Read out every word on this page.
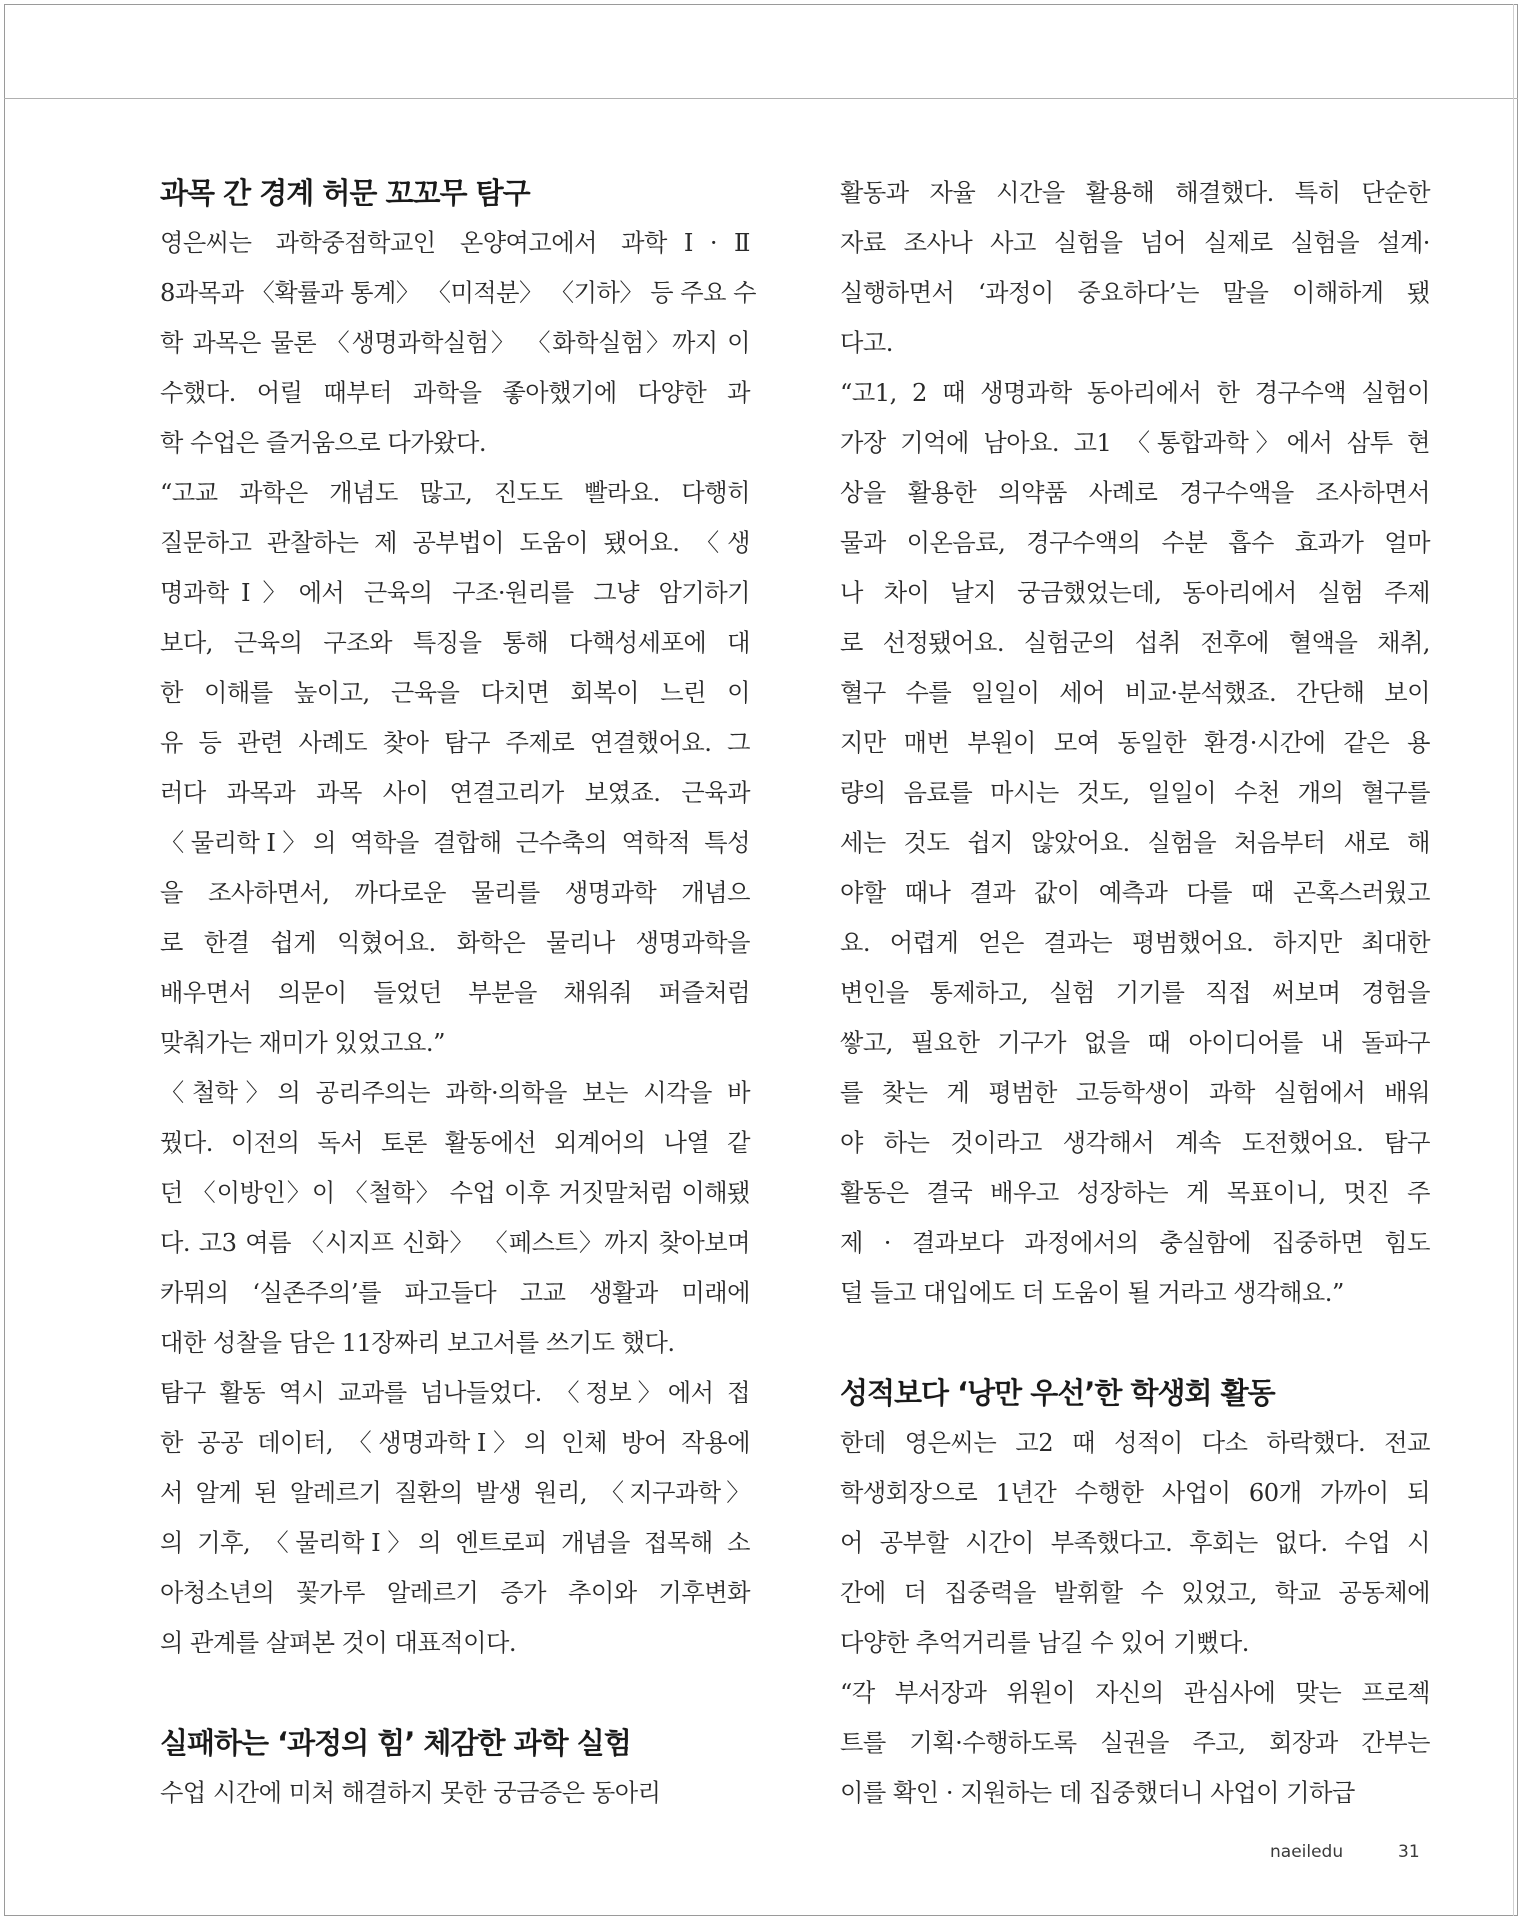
과목 간 경계 허문 꼬꼬무 탐구

영은씨는 과학중점학교인 온양여고에서 과학Ⅰ·Ⅱ

8과목과 〈확률과 통계〉 〈미적분〉 〈기하〉 등 주요 수

학 과목은 물론 〈생명과학실험〉 〈화학실험〉까지 이

수했다. 어릴 때부터 과학을 좋아했기에 다양한 과

학 수업은 즐거움으로 다가왔다.

“고교 과학은 개념도 많고, 진도도 빨라요. 다행히

질문하고 관찰하는 제 공부법이 도움이 됐어요. 〈생

명과학Ⅰ〉에서 근육의 구조·원리를 그냥 암기하기

보다, 근육의 구조와 특징을 통해 다핵성세포에 대

한 이해를 높이고, 근육을 다치면 회복이 느린 이

유 등 관련 사례도 찾아 탐구 주제로 연결했어요. 그

러다 과목과 과목 사이 연결고리가 보였죠. 근육과

〈물리학Ⅰ〉의 역학을 결합해 근수축의 역학적 특성

을 조사하면서, 까다로운 물리를 생명과학 개념으

로 한결 쉽게 익혔어요. 화학은 물리나 생명과학을

배우면서 의문이 들었던 부분을 채워줘 퍼즐처럼

맞춰가는 재미가 있었고요.”

〈철학〉의 공리주의는 과학·의학을 보는 시각을 바

꿨다. 이전의 독서 토론 활동에선 외계어의 나열 같

던 〈이방인〉이 〈철학〉 수업 이후 거짓말처럼 이해됐

다. 고3 여름 〈시지프 신화〉 〈페스트〉까지 찾아보며

카뮈의 ‘실존주의’를 파고들다 고교 생활과 미래에

대한 성찰을 담은 11장짜리 보고서를 쓰기도 했다.

탐구 활동 역시 교과를 넘나들었다. 〈정보〉에서 접

한 공공 데이터, 〈생명과학Ⅰ〉의 인체 방어 작용에

서 알게 된 알레르기 질환의 발생 원리, 〈지구과학〉

의 기후, 〈물리학Ⅰ〉의 엔트로피 개념을 접목해 소

아청소년의 꽃가루 알레르기 증가 추이와 기후변화

의 관계를 살펴본 것이 대표적이다.

실패하는 ‘과정의 힘’ 체감한 과학 실험

수업 시간에 미처 해결하지 못한 궁금증은 동아리

활동과 자율 시간을 활용해 해결했다. 특히 단순한

자료 조사나 사고 실험을 넘어 실제로 실험을 설계·

실행하면서 ‘과정이 중요하다’는 말을 이해하게 됐

다고.

“고1, 2 때 생명과학 동아리에서 한 경구수액 실험이

가장 기억에 남아요. 고1 〈통합과학〉에서 삼투 현

상을 활용한 의약품 사례로 경구수액을 조사하면서

물과 이온음료, 경구수액의 수분 흡수 효과가 얼마

나 차이 날지 궁금했었는데, 동아리에서 실험 주제

로 선정됐어요. 실험군의 섭취 전후에 혈액을 채취,

혈구 수를 일일이 세어 비교·분석했죠. 간단해 보이

지만 매번 부원이 모여 동일한 환경·시간에 같은 용

량의 음료를 마시는 것도, 일일이 수천 개의 혈구를

세는 것도 쉽지 않았어요. 실험을 처음부터 새로 해

야할 때나 결과 값이 예측과 다를 때 곤혹스러웠고

요. 어렵게 얻은 결과는 평범했어요. 하지만 최대한

변인을 통제하고, 실험 기기를 직접 써보며 경험을

쌓고, 필요한 기구가 없을 때 아이디어를 내 돌파구

를 찾는 게 평범한 고등학생이 과학 실험에서 배워

야 하는 것이라고 생각해서 계속 도전했어요. 탐구

활동은 결국 배우고 성장하는 게 목표이니, 멋진 주

제 · 결과보다 과정에서의 충실함에 집중하면 힘도

덜 들고 대입에도 더 도움이 될 거라고 생각해요.”

성적보다 ‘낭만 우선’한 학생회 활동

한데 영은씨는 고2 때 성적이 다소 하락했다. 전교

학생회장으로 1년간 수행한 사업이 60개 가까이 되

어 공부할 시간이 부족했다고. 후회는 없다. 수업 시

간에 더 집중력을 발휘할 수 있었고, 학교 공동체에

다양한 추억거리를 남길 수 있어 기뻤다.

“각 부서장과 위원이 자신의 관심사에 맞는 프로젝

트를 기획·수행하도록 실권을 주고, 회장과 간부는

이를 확인 · 지원하는 데 집중했더니 사업이 기하급

naeiledu	31
